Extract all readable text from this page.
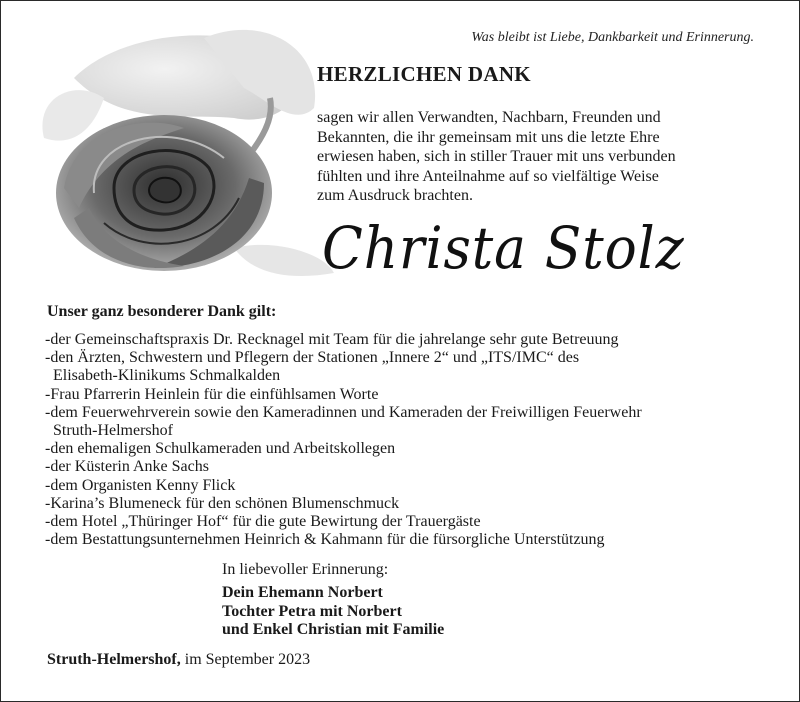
Was bleibt ist Liebe, Dankbarkeit und Erinnerung.
HERZLICHEN DANK
sagen wir allen Verwandten, Nachbarn, Freunden und
Bekannten, die ihr gemeinsam mit uns die letzte Ehre
erwiesen haben, sich in stiller Trauer mit uns verbunden
fühlten und ihre Anteilnahme auf so vielfältige Weise
zum Ausdruck brachten.
Christa Stolz
Unser ganz besonderer Dank gilt:
-der Gemeinschaftspraxis Dr. Recknagel mit Team für die jahrelange sehr gute Betreuung
-den Ärzten, Schwestern und Pflegern der Stationen „Innere 2“ und „ITS/IMC“ des
Elisabeth-Klinikums Schmalkalden
-Frau Pfarrerin Heinlein für die einfühlsamen Worte
-dem Feuerwehrverein sowie den Kameradinnen und Kameraden der Freiwilligen Feuerwehr
Struth-Helmershof
-den ehemaligen Schulkameraden und Arbeitskollegen
-der Küsterin Anke Sachs
-dem Organisten Kenny Flick
-Karina’s Blumeneck für den schönen Blumenschmuck
-dem Hotel „Thüringer Hof“ für die gute Bewirtung der Trauergäste
-dem Bestattungsunternehmen Heinrich & Kahmann für die fürsorgliche Unterstützung
In liebevoller Erinnerung:
Dein Ehemann Norbert
Tochter Petra mit Norbert
und Enkel Christian mit Familie
Struth-Helmershof, im September 2023
